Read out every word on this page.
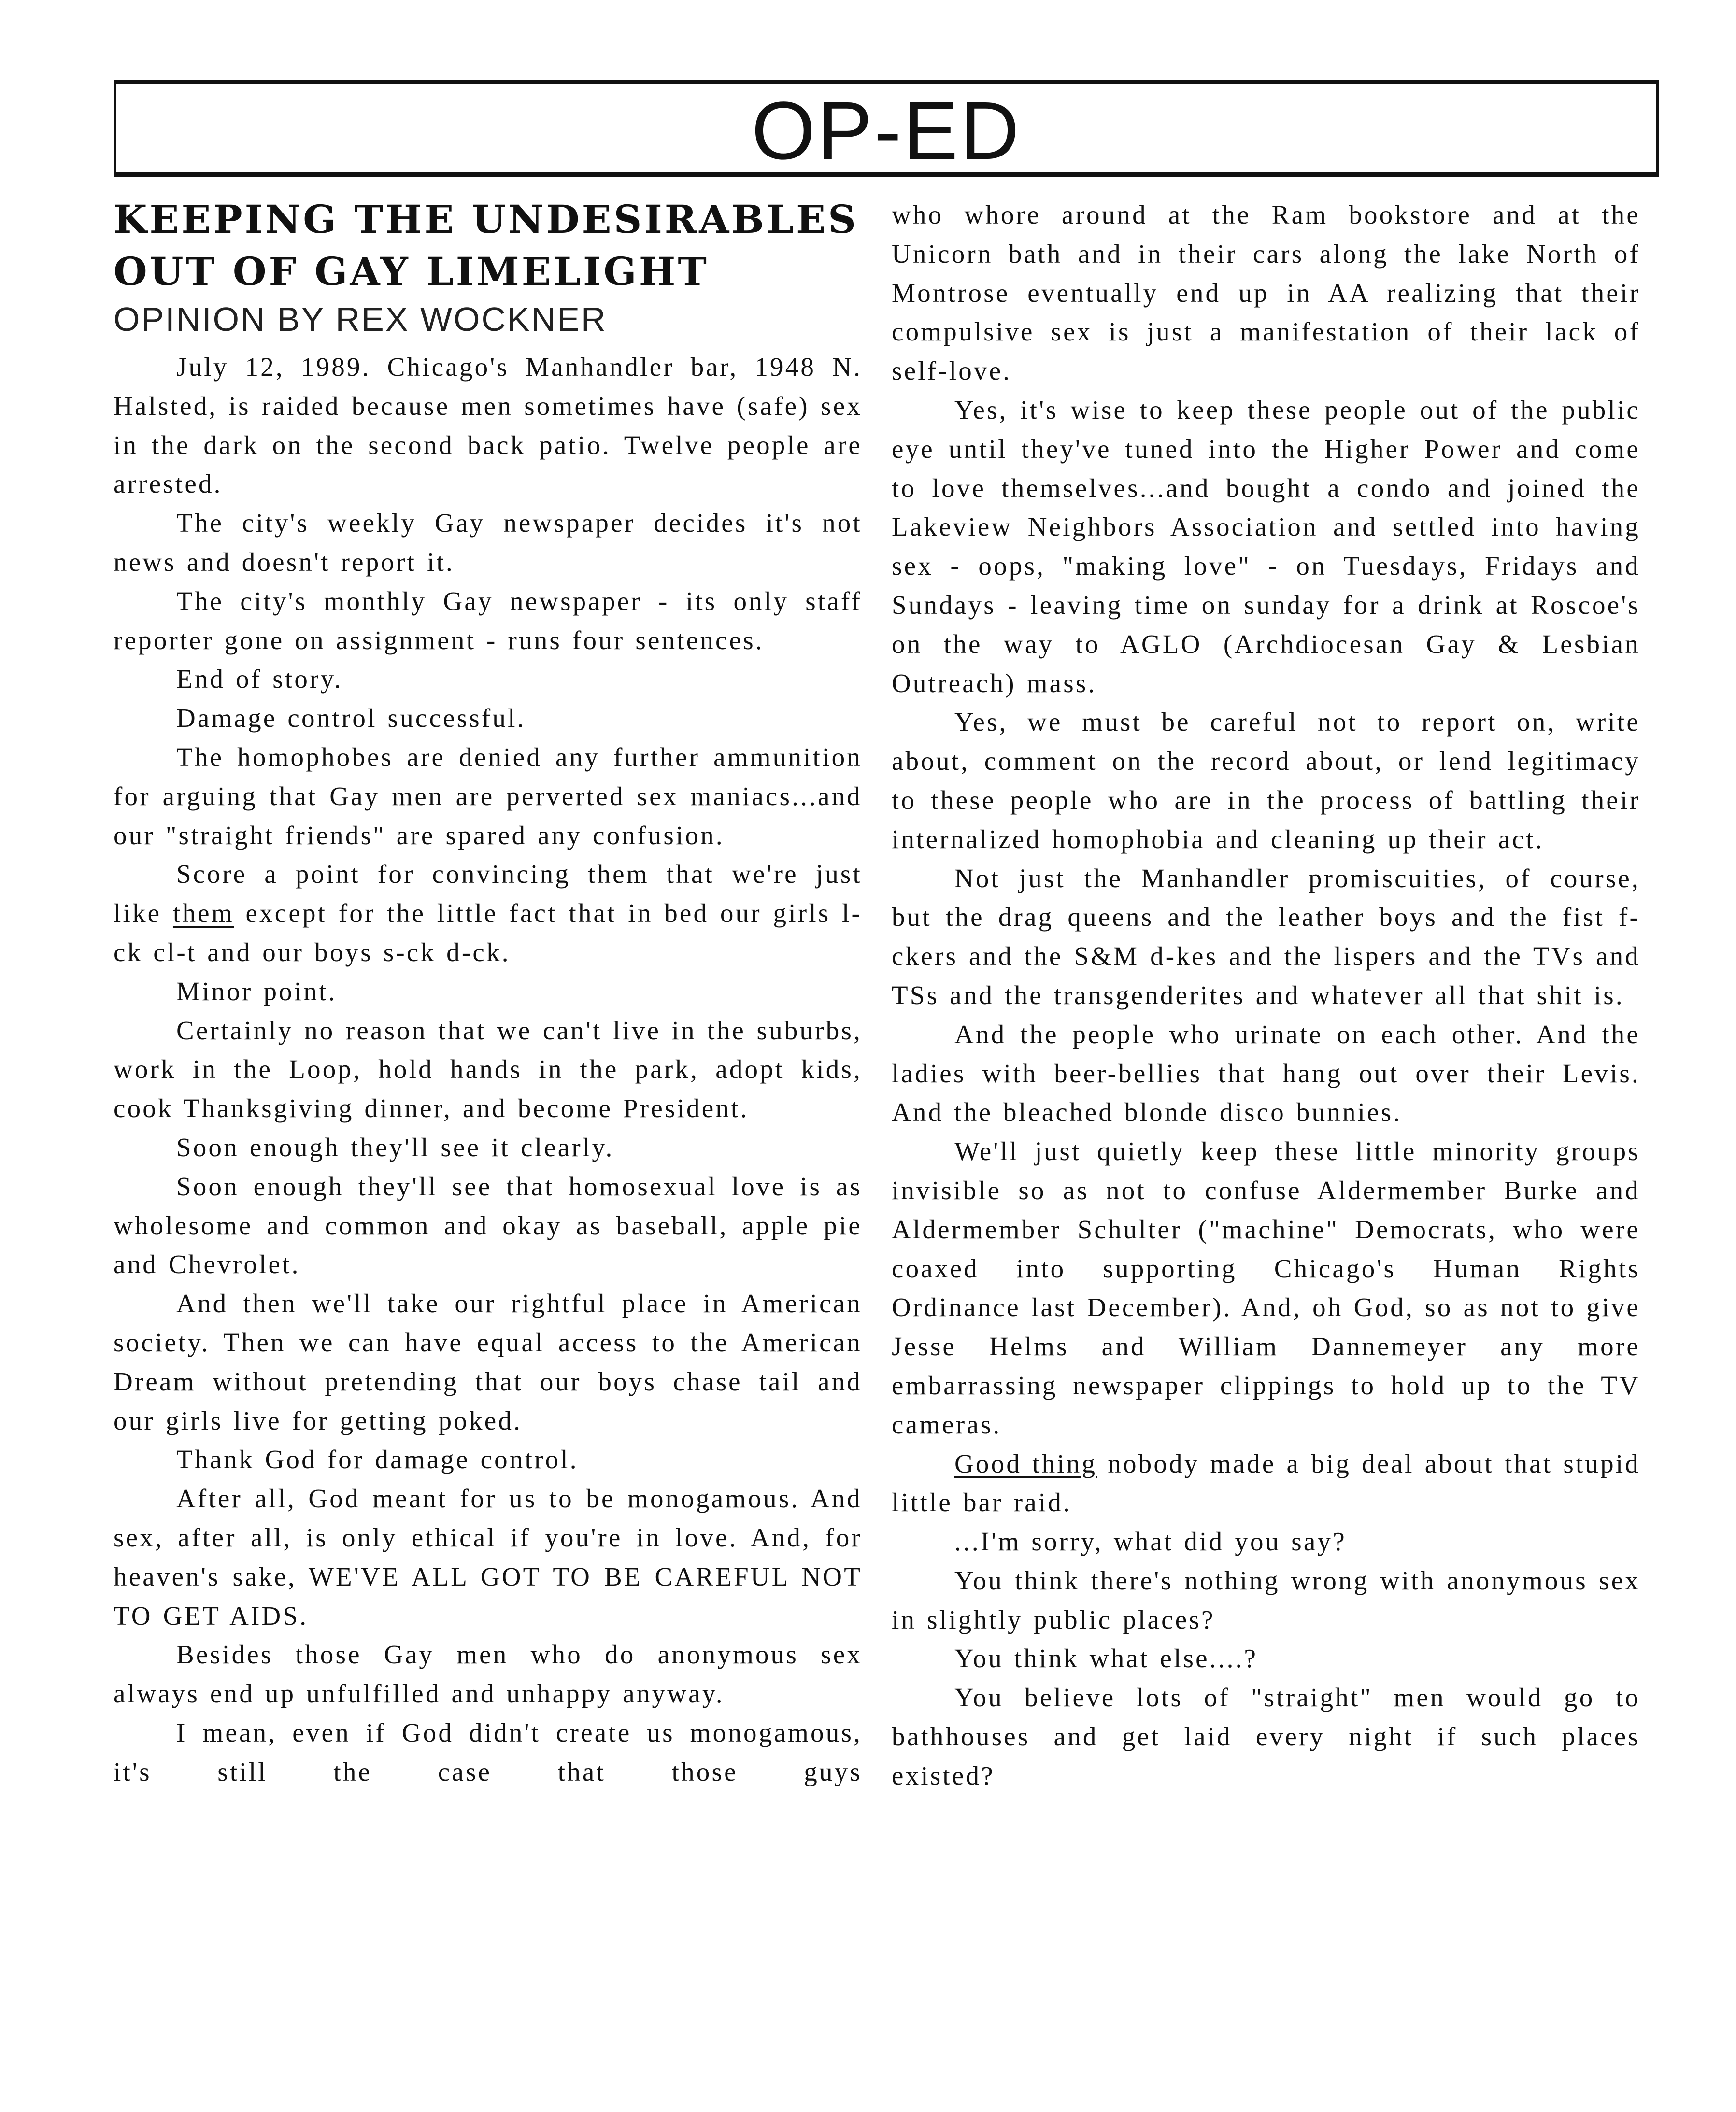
OP-ED
KEEPING THE UNDESIRABLES
OUT OF GAY LIMELIGHT
OPINION BY REX WOCKNER

July 12, 1989. Chicago's Manhandler bar, 1948 N. Halsted, is raided because men sometimes have (safe) sex in the dark on the second back patio. Twelve people are arrested.

The city's weekly Gay newspaper decides it's not news and doesn't report it.

The city's monthly Gay newspaper - its only staff reporter gone on assignment - runs four sentences.

End of story.

Damage control successful.

The homophobes are denied any further ammunition for arguing that Gay men are perverted sex maniacs...and our "straight friends" are spared any confusion.

Score a point for convincing them that we're just like them except for the little fact that in bed our girls l-ck cl-t and our boys s-ck d-ck.

Minor point.

Certainly no reason that we can't live in the suburbs, work in the Loop, hold hands in the park, adopt kids, cook Thanksgiving dinner, and become President.

Soon enough they'll see it clearly.

Soon enough they'll see that homosexual love is as wholesome and common and okay as baseball, apple pie and Chevrolet.

And then we'll take our rightful place in American society. Then we can have equal access to the American Dream without pretending that our boys chase tail and our girls live for getting poked.

Thank God for damage control.

After all, God meant for us to be monogamous. And sex, after all, is only ethical if you're in love. And, for heaven's sake, WE'VE ALL GOT TO BE CAREFUL NOT TO GET AIDS.

Besides those Gay men who do anonymous sex always end up unfulfilled and unhappy anyway.

I mean, even if God didn't create us monogamous, it's still the case that those guys

who whore around at the Ram bookstore and at the Unicorn bath and in their cars along the lake North of Montrose eventually end up in AA realizing that their compulsive sex is just a manifestation of their lack of self-love.

Yes, it's wise to keep these people out of the public eye until they've tuned into the Higher Power and come to love themselves...and bought a condo and joined the Lakeview Neighbors Association and settled into having sex - oops, "making love" - on Tuesdays, Fridays and Sundays - leaving time on sunday for a drink at Roscoe's on the way to AGLO (Archdiocesan Gay & Lesbian Outreach) mass.

Yes, we must be careful not to report on, write about, comment on the record about, or lend legitimacy to these people who are in the process of battling their internalized homophobia and cleaning up their act.

Not just the Manhandler promiscuities, of course, but the drag queens and the leather boys and the fist f-ckers and the S&M d-kes and the lispers and the TVs and TSs and the transgenderites and whatever all that shit is.

And the people who urinate on each other. And the ladies with beer-bellies that hang out over their Levis. And the bleached blonde disco bunnies.

We'll just quietly keep these little minority groups invisible so as not to confuse Aldermember Burke and Aldermember Schulter ("machine" Democrats, who were coaxed into supporting Chicago's Human Rights Ordinance last December). And, oh God, so as not to give Jesse Helms and William Dannemeyer any more embarrassing newspaper clippings to hold up to the TV cameras.

Good thing nobody made a big deal about that stupid little bar raid.

...I'm sorry, what did you say?

You think there's nothing wrong with anonymous sex in slightly public places?

You think what else....?

You believe lots of "straight" men would go to bathhouses and get laid every night if such places existed?
